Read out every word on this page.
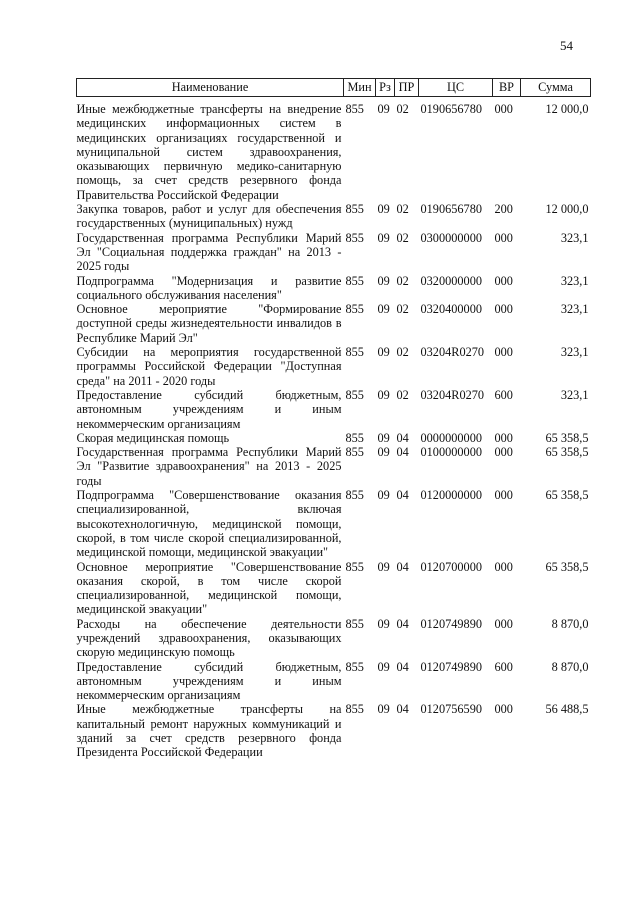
54
Наименование	Мин	Рз	ПР	ЦС	ВР	Сумма
Иные межбюджетные трансферты на внедрение медицинских информационных систем в медицинских организациях государственной и муниципальной систем здравоохранения, оказывающих первичную медико-санитарную помощь, за счет средств резервного фонда Правительства Российской Федерации	855	09	02	0190656780	000	12 000,0
Закупка товаров, работ и услуг для обеспечения государственных (муниципальных) нужд	855	09	02	0190656780	200	12 000,0
Государственная программа Республики Марий Эл "Социальная поддержка граждан" на 2013 - 2025 годы	855	09	02	0300000000	000	323,1
Подпрограмма "Модернизация и развитие социального обслуживания населения"	855	09	02	0320000000	000	323,1
Основное мероприятие "Формирование доступной среды жизнедеятельности инвалидов в Республике Марий Эл"	855	09	02	0320400000	000	323,1
Субсидии на мероприятия государственной программы Российской Федерации "Доступная среда" на 2011 - 2020 годы	855	09	02	03204R0270	000	323,1
Предоставление субсидий бюджетным, автономным учреждениям и иным некоммерческим организациям	855	09	02	03204R0270	600	323,1
Скорая медицинская помощь	855	09	04	0000000000	000	65 358,5
Государственная программа Республики Марий Эл "Развитие здравоохранения" на 2013 - 2025 годы	855	09	04	0100000000	000	65 358,5
Подпрограмма "Совершенствование оказания специализированной, включая высокотехнологичную, медицинской помощи, скорой, в том числе скорой специализированной, медицинской помощи, медицинской эвакуации"	855	09	04	0120000000	000	65 358,5
Основное мероприятие "Совершенствование оказания скорой, в том числе скорой специализированной, медицинской помощи, медицинской эвакуации"	855	09	04	0120700000	000	65 358,5
Расходы на обеспечение деятельности учреждений здравоохранения, оказывающих скорую медицинскую помощь	855	09	04	0120749890	000	8 870,0
Предоставление субсидий бюджетным, автономным учреждениям и иным некоммерческим организациям	855	09	04	0120749890	600	8 870,0
Иные межбюджетные трансферты на капитальный ремонт наружных коммуникаций и зданий за счет средств резервного фонда Президента Российской Федерации	855	09	04	0120756590	000	56 488,5
